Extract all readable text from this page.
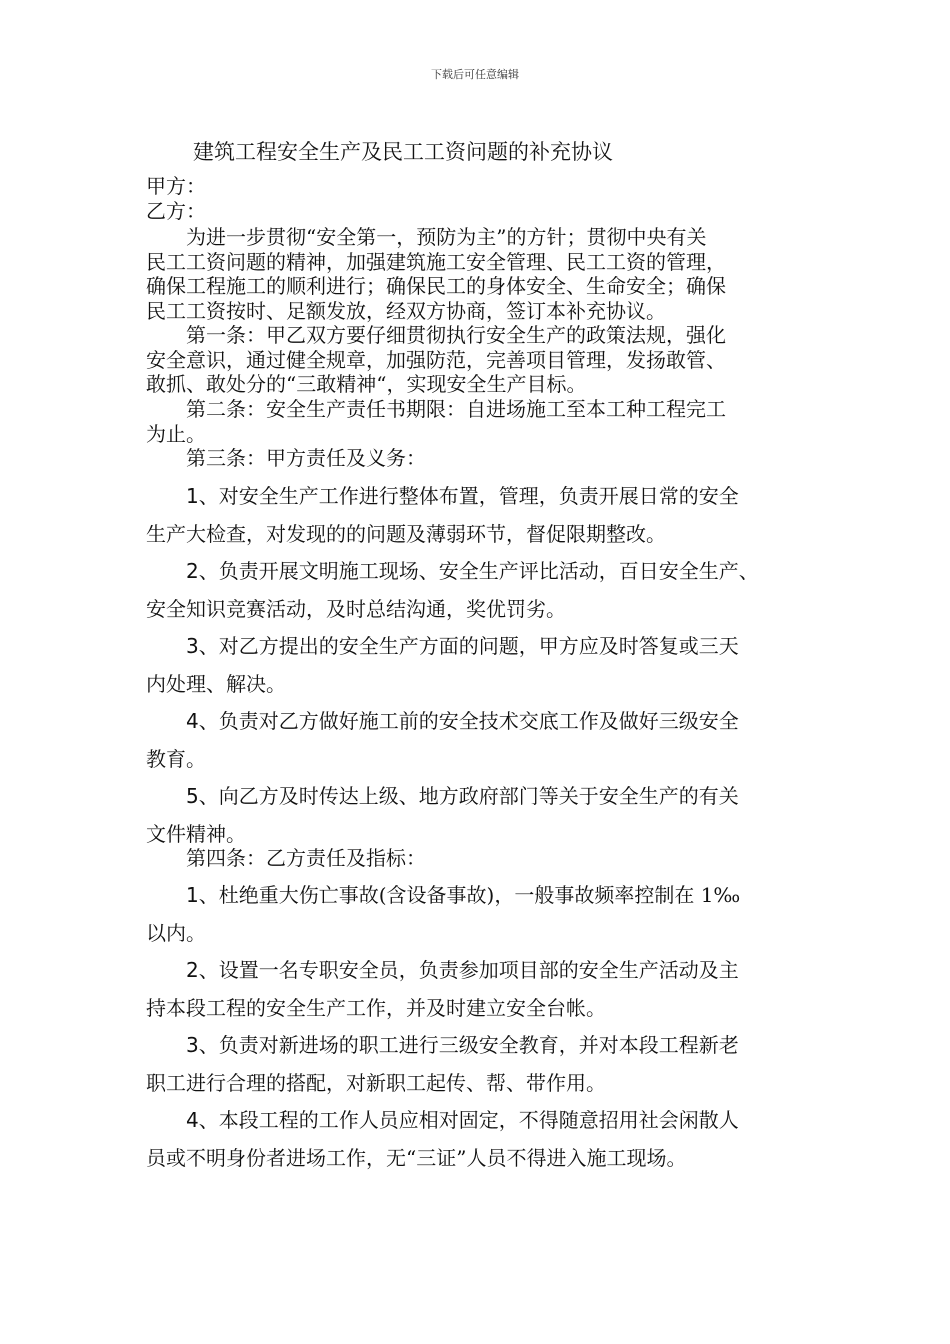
下载后可任意编辑
建筑工程安全生产及民工工资问题的补充协议
甲方：
乙方：
　　为进一步贯彻“安全第一，预防为主”的方针；贯彻中央有关
民工工资问题的精神，加强建筑施工安全管理、民工工资的管理，
确保工程施工的顺利进行；确保民工的身体安全、生命安全；确保
民工工资按时、足额发放，经双方协商，签订本补充协议。
　　第一条：甲乙双方要仔细贯彻执行安全生产的政策法规，强化
安全意识，通过健全规章，加强防范，完善项目管理，发扬敢管、
敢抓、敢处分的“三敢精神“，实现安全生产目标。
　　第二条：安全生产责任书期限：自进场施工至本工种工程完工
为止。
　　第三条：甲方责任及义务：
　　1、对安全生产工作进行整体布置，管理，负责开展日常的安全
生产大检查，对发现的的问题及薄弱环节，督促限期整改。
　　2、负责开展文明施工现场、安全生产评比活动，百日安全生产、
安全知识竞赛活动，及时总结沟通，奖优罚劣。
　　3、对乙方提出的安全生产方面的问题，甲方应及时答复或三天
内处理、解决。
　　4、负责对乙方做好施工前的安全技术交底工作及做好三级安全
教育。
　　5、向乙方及时传达上级、地方政府部门等关于安全生产的有关
文件精神。
　　第四条：乙方责任及指标：
　　1、杜绝重大伤亡事故(含设备事故)，一般事故频率控制在 1‰
以内。
　　2、设置一名专职安全员，负责参加项目部的安全生产活动及主
持本段工程的安全生产工作，并及时建立安全台帐。
　　3、负责对新进场的职工进行三级安全教育，并对本段工程新老
职工进行合理的搭配，对新职工起传、帮、带作用。
　　4、本段工程的工作人员应相对固定，不得随意招用社会闲散人
员或不明身份者进场工作，无“三证”人员不得进入施工现场。
